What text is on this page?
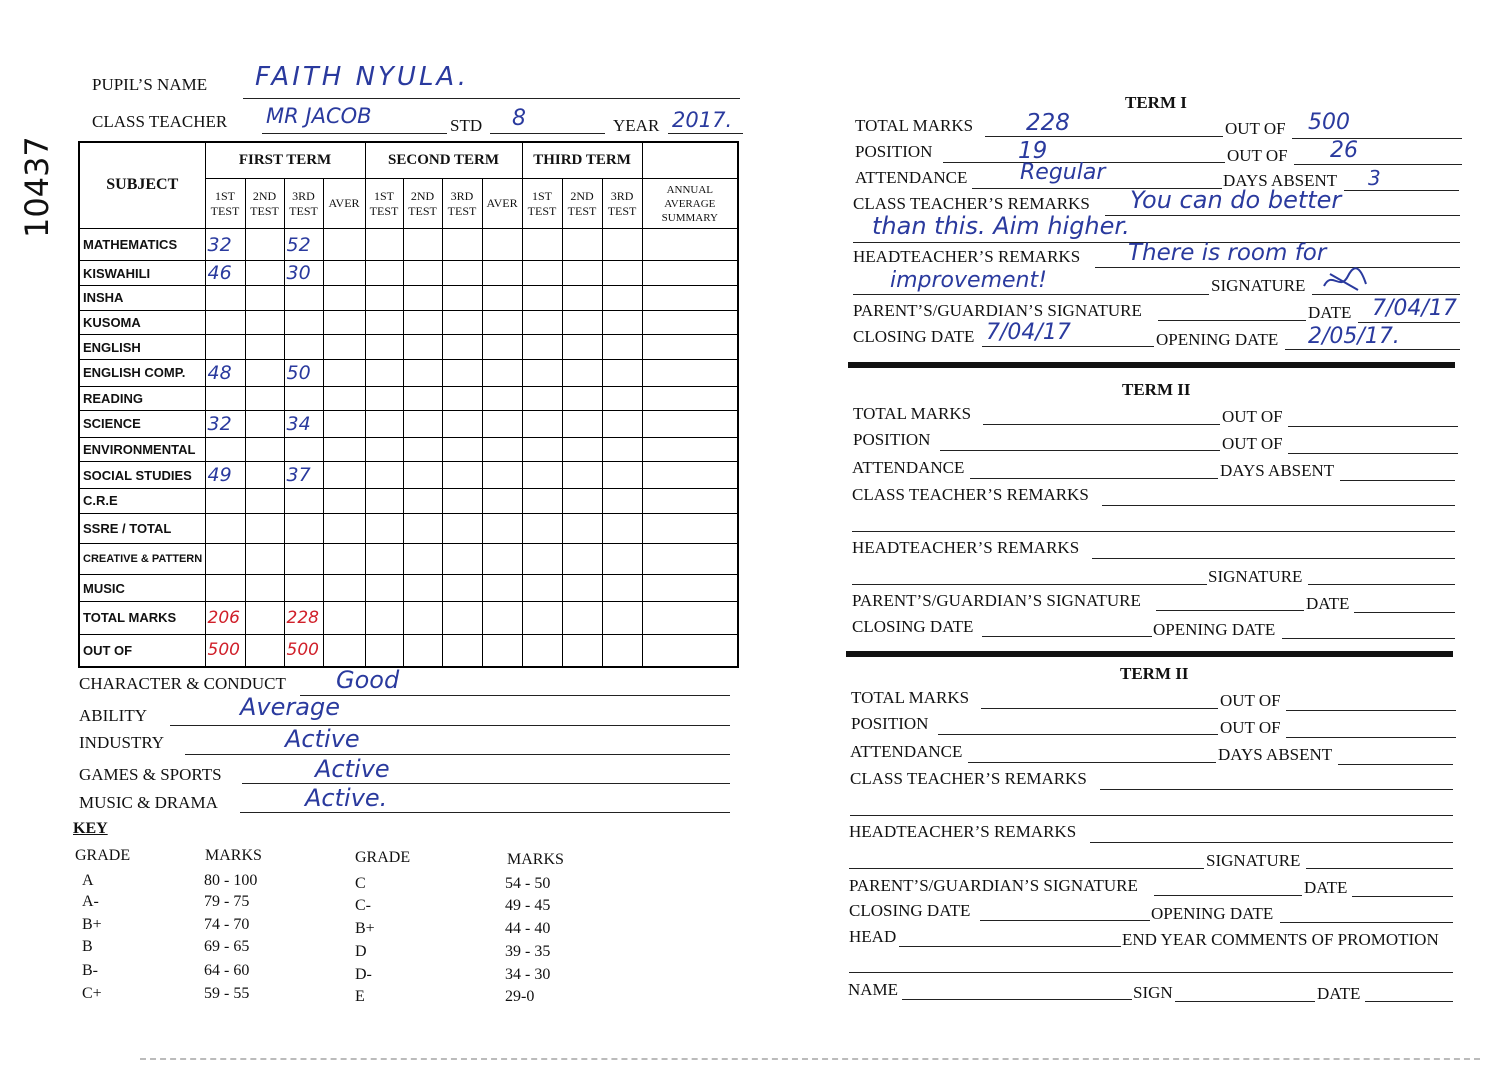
10437
PUPIL’S NAME FAITH NYULA.
CLASS TEACHER MR JACOB	STD 8	YEAR 2017.
SUBJECT	FIRST TERM				SECOND TERM				THIRD TERM			
	1ST TEST	2ND TEST	3RD TEST	AVER	1ST TEST	2ND TEST	3RD TEST	AVER	1ST TEST	2ND TEST	3RD TEST	ANNUAL AVERAGE SUMMARY
MATHEMATICS	32		52									
KISWAHILI	46		30									
INSHA												
KUSOMA												
ENGLISH												
ENGLISH COMP.	48		50									
READING												
SCIENCE	32		34									
ENVIRONMENTAL												
SOCIAL STUDIES	49		37									
C.R.E												
SSRE / TOTAL												
CREATIVE & PATTERN												
MUSIC												
TOTAL MARKS	206		228									
OUT OF	500		500									
CHARACTER & CONDUCT Good
ABILITY	Average
INDUSTRY	Active
GAMES & SPORTS	Active
MUSIC & DRAMA	Active.
KEY
GRADE	MARKS	GRADE	MARKS
A	80 - 100
A-	79 - 75
B+	74 - 70
B	69 - 65
B-	64 - 60
C+	59 - 55
C	54 - 50
C-	49 - 45
B+	44 - 40
D	39 - 35
D-	34 - 30
E	29-0
TERM I
TOTAL MARKS 228	OUT OF 500
POSITION	19	OUT OF 26
ATTENDANCE Regular	DAYS ABSENT 3
CLASS TEACHER’S REMARKS You can do better
than this. Aim higher.
HEADTEACHER’S REMARKS There is room for
improvement!	SIGNATURE
PARENT’S/GUARDIAN’S SIGNATURE	DATE 7/04/17
CLOSING DATE 7/04/17	OPENING DATE 2/05/17.
TERM II
TOTAL MARKS	OUT OF
POSITION	OUT OF
ATTENDANCE	DAYS ABSENT
CLASS TEACHER’S REMARKS
HEADTEACHER’S REMARKS
SIGNATURE
PARENT’S/GUARDIAN’S SIGNATURE	DATE
CLOSING DATE	OPENING DATE
TERM II
TOTAL MARKS	OUT OF
POSITION	OUT OF
ATTENDANCE	DAYS ABSENT
CLASS TEACHER’S REMARKS
HEADTEACHER’S REMARKS
SIGNATURE
PARENT’S/GUARDIAN’S SIGNATURE	DATE
CLOSING DATE	OPENING DATE
HEAD	END YEAR COMMENTS OF PROMOTION
NAME	SIGN	DATE
